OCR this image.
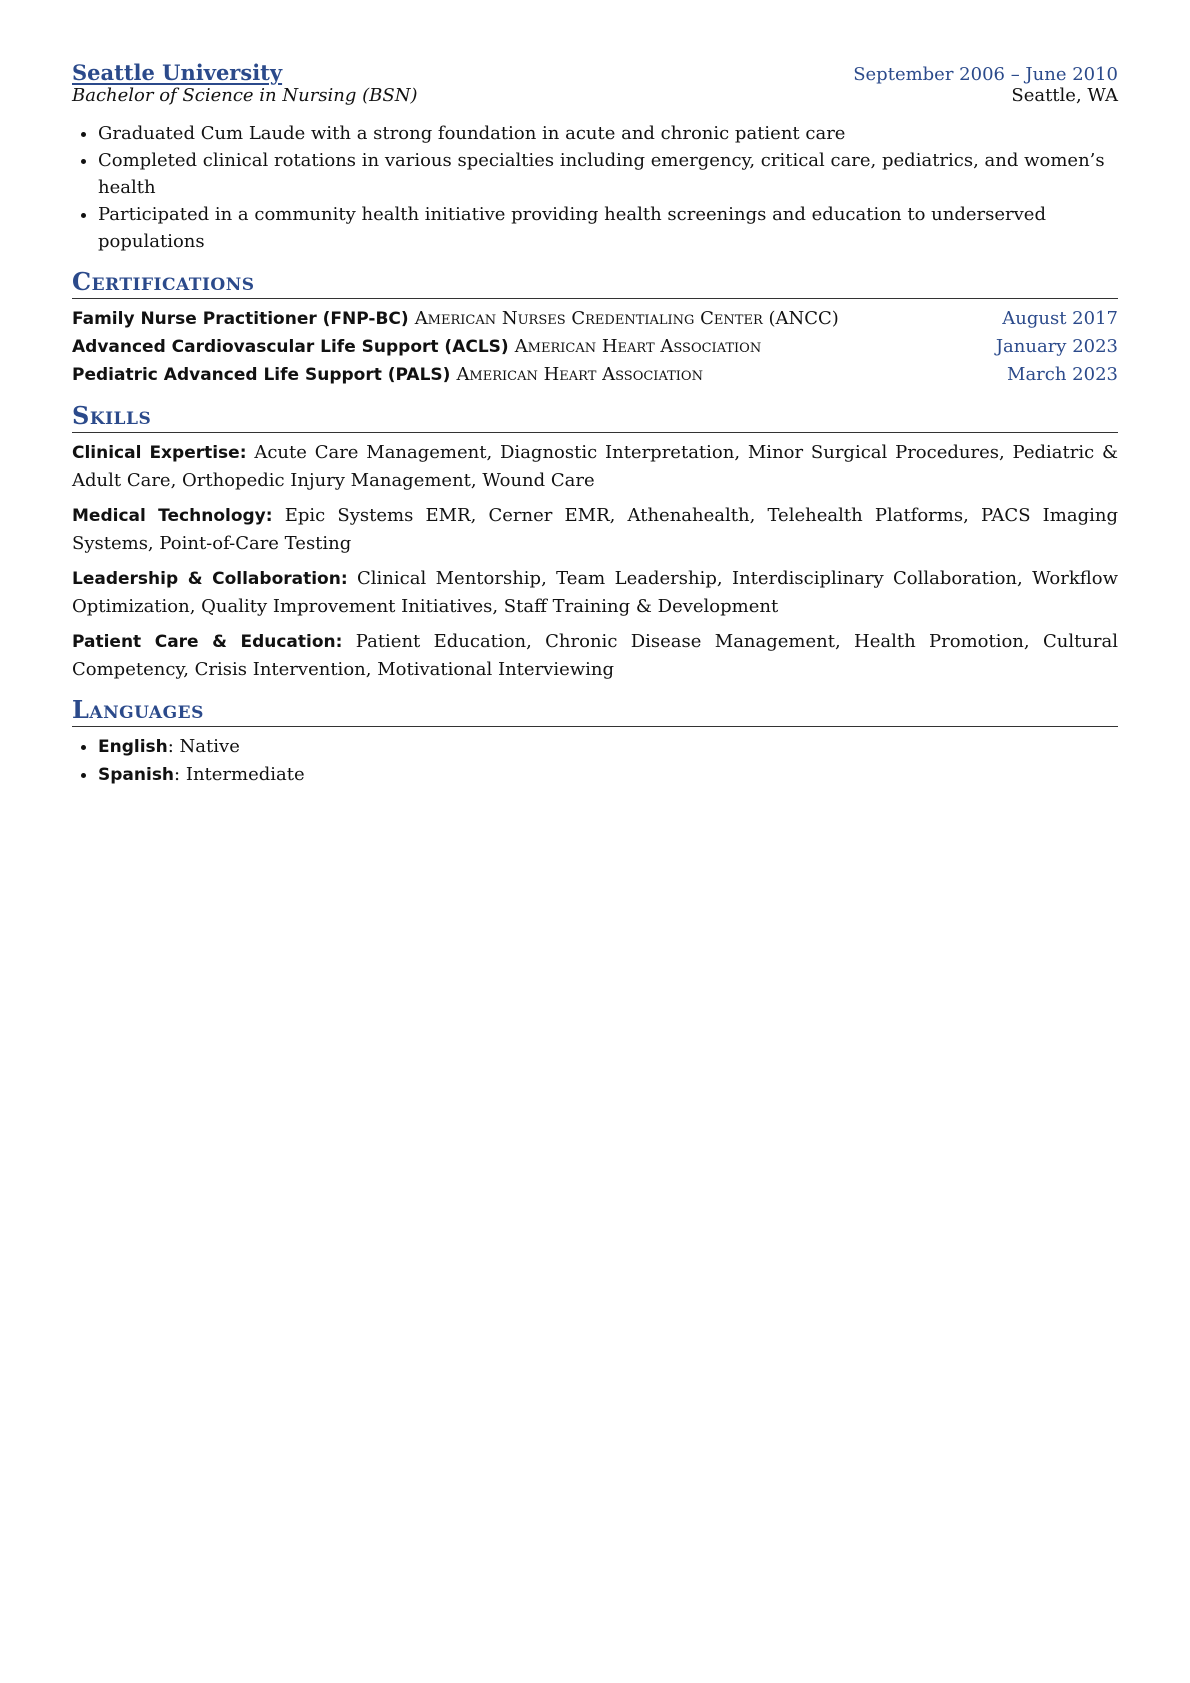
Seattle University	September 2006 – June 2010
Bachelor of Science in Nursing (BSN)	Seattle, WA
• Graduated Cum Laude with a strong foundation in acute and chronic patient care
• Completed clinical rotations in various specialties including emergency, critical care, pediatrics, and women’s health
• Participated in a community health initiative providing health screenings and education to underserved populations
Certifications
Family Nurse Practitioner (FNP-BC) American Nurses Credentialing Center (ANCC)	August 2017
Advanced Cardiovascular Life Support (ACLS) American Heart Association	January 2023
Pediatric Advanced Life Support (PALS) American Heart Association	March 2023
Skills
Clinical Expertise: Acute Care Management, Diagnostic Interpretation, Minor Surgical Procedures, Pediatric & Adult Care, Orthopedic Injury Management, Wound Care
Medical Technology: Epic Systems EMR, Cerner EMR, Athenahealth, Telehealth Platforms, PACS Imaging Systems, Point-of-Care Testing
Leadership & Collaboration: Clinical Mentorship, Team Leadership, Interdisciplinary Collaboration, Workflow Optimization, Quality Improvement Initiatives, Staff Training & Development
Patient Care & Education: Patient Education, Chronic Disease Management, Health Promotion, Cultural Competency, Crisis Intervention, Motivational Interviewing
Languages
• English: Native
• Spanish: Intermediate
